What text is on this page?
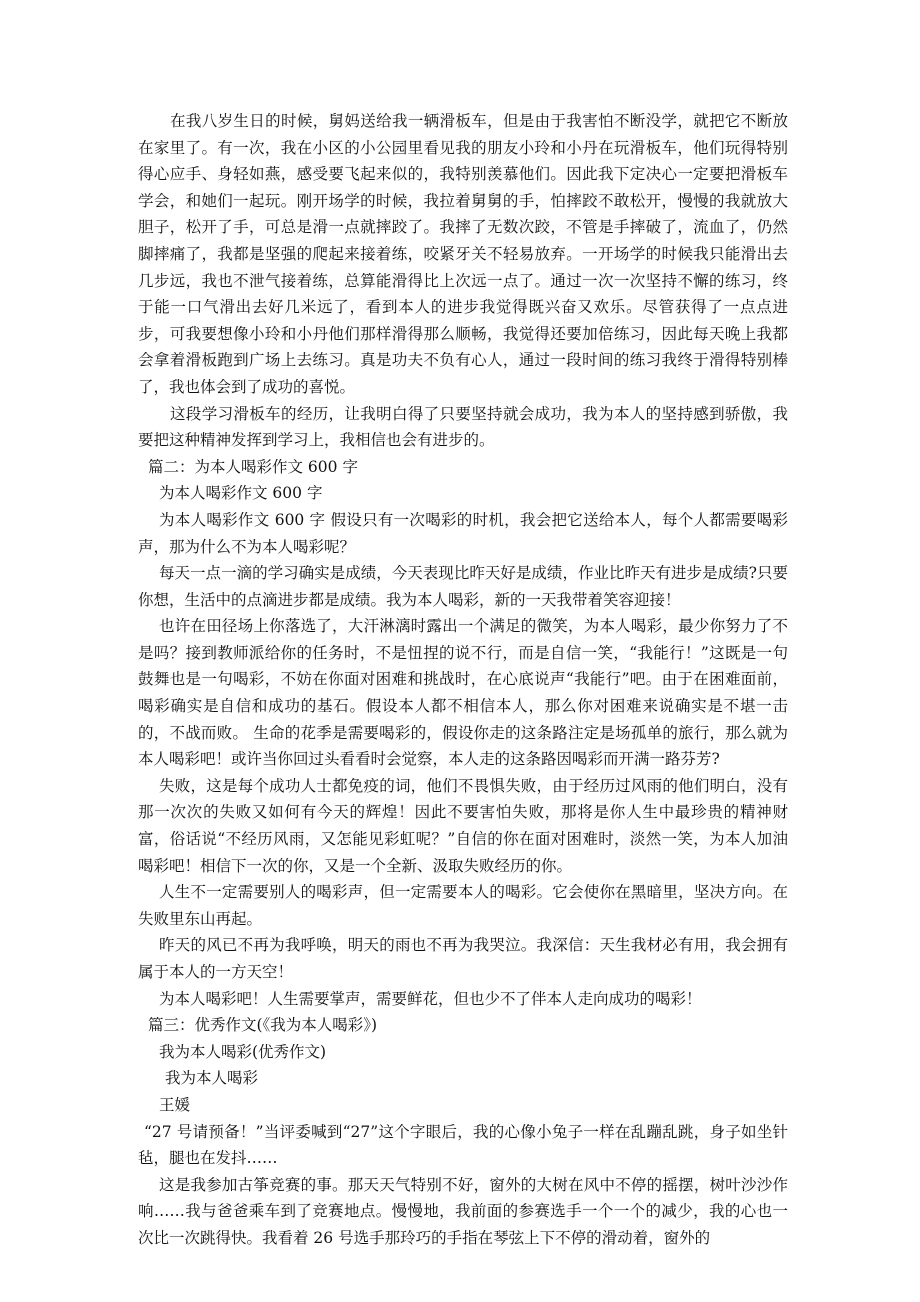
在我八岁生日的时候，舅妈送给我一辆滑板车，但是由于我害怕不断没学，就把它不断放在家里了。有一次，我在小区的小公园里看见我的朋友小玲和小丹在玩滑板车，他们玩得特别得心应手、身轻如燕，感受要飞起来似的，我特别羡慕他们。因此我下定决心一定要把滑板车学会，和她们一起玩。刚开场学的时候，我拉着舅舅的手，怕摔跤不敢松开，慢慢的我就放大胆子，松开了手，可总是滑一点就摔跤了。我摔了无数次跤，不管是手摔破了，流血了，仍然脚摔痛了，我都是坚强的爬起来接着练，咬紧牙关不轻易放弃。一开场学的时候我只能滑出去几步远，我也不泄气接着练，总算能滑得比上次远一点了。通过一次一次坚持不懈的练习，终于能一口气滑出去好几米远了，看到本人的进步我觉得既兴奋又欢乐。尽管获得了一点点进步，可我要想像小玲和小丹他们那样滑得那么顺畅，我觉得还要加倍练习，因此每天晚上我都会拿着滑板跑到广场上去练习。真是功夫不负有心人，通过一段时间的练习我终于滑得特别棒了，我也体会到了成功的喜悦。

这段学习滑板车的经历，让我明白得了只要坚持就会成功，我为本人的坚持感到骄傲，我要把这种精神发挥到学习上，我相信也会有进步的。

篇二：为本人喝彩作文 600 字

为本人喝彩作文 600 字

为本人喝彩作文 600 字 假设只有一次喝彩的时机，我会把它送给本人，每个人都需要喝彩声，那为什么不为本人喝彩呢？

每天一点一滴的学习确实是成绩，今天表现比昨天好是成绩，作业比昨天有进步是成绩?只要你想，生活中的点滴进步都是成绩。我为本人喝彩，新的一天我带着笑容迎接！

也许在田径场上你落选了，大汗淋漓时露出一个满足的微笑，为本人喝彩，最少你努力了不是吗？接到教师派给你的任务时，不是忸捏的说不行，而是自信一笑，“我能行！”这既是一句鼓舞也是一句喝彩，不妨在你面对困难和挑战时，在心底说声“我能行”吧。由于在困难面前，喝彩确实是自信和成功的基石。假设本人都不相信本人，那么你对困难来说确实是不堪一击的，不战而败。 生命的花季是需要喝彩的，假设你走的这条路注定是场孤单的旅行，那么就为本人喝彩吧！或许当你回过头看看时会觉察，本人走的这条路因喝彩而开满一路芬芳?

失败，这是每个成功人士都免疫的词，他们不畏惧失败，由于经历过风雨的他们明白，没有那一次次的失败又如何有今天的辉煌！因此不要害怕失败，那将是你人生中最珍贵的精神财富，俗话说“不经历风雨，又怎能见彩虹呢？”自信的你在面对困难时，淡然一笑，为本人加油喝彩吧！相信下一次的你，又是一个全新、汲取失败经历的你。

人生不一定需要别人的喝彩声，但一定需要本人的喝彩。它会使你在黑暗里，坚决方向。在失败里东山再起。

昨天的风已不再为我呼唤，明天的雨也不再为我哭泣。我深信：天生我材必有用，我会拥有属于本人的一方天空！

为本人喝彩吧！人生需要掌声，需要鲜花，但也少不了伴本人走向成功的喝彩！

篇三：优秀作文(《我为本人喝彩》)

我为本人喝彩(优秀作文)

我为本人喝彩

王媛

“27 号请预备！”当评委喊到“27”这个字眼后，我的心像小兔子一样在乱蹦乱跳，身子如坐针毡，腿也在发抖……

这是我参加古筝竞赛的事。那天天气特别不好，窗外的大树在风中不停的摇摆，树叶沙沙作响……我与爸爸乘车到了竞赛地点。慢慢地，我前面的参赛选手一个一个的减少，我的心也一次比一次跳得快。我看着 26 号选手那玲巧的手指在琴弦上下不停的滑动着，窗外的
